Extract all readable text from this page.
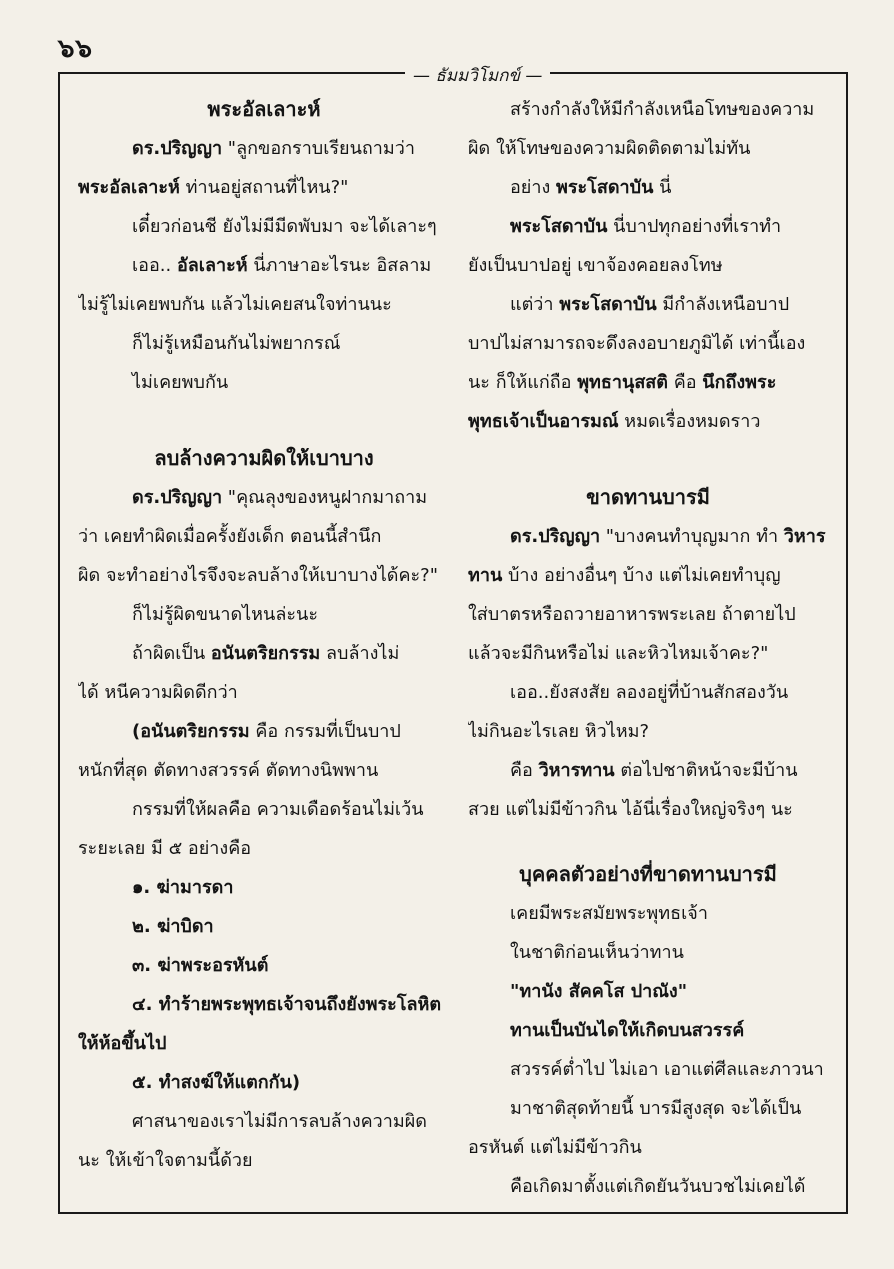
๖๖
— ธัมมวิโมกข์ —
พระอัลเลาะห์
ดร.ปริญญา "ลูกขอกราบเรียนถามว่า
พระอัลเลาะห์ ท่านอยู่สถานที่ไหน?"
เดี๋ยวก่อนชี ยังไม่มีมีดพับมา จะได้เลาะๆ
เออ.. อัลเลาะห์ นี่ภาษาอะไรนะ อิสลาม
ไม่รู้ไม่เคยพบกัน แล้วไม่เคยสนใจท่านนะ
ก็ไม่รู้เหมือนกันไม่พยากรณ์
ไม่เคยพบกัน
ลบล้างความผิดให้เบาบาง
ดร.ปริญญา "คุณลุงของหนูฝากมาถาม
ว่า เคยทำผิดเมื่อครั้งยังเด็ก ตอนนี้สำนึก
ผิด จะทำอย่างไรจึงจะลบล้างให้เบาบางได้คะ?"
ก็ไม่รู้ผิดขนาดไหนล่ะนะ
ถ้าผิดเป็น อนันตริยกรรม ลบล้างไม่
ได้ หนีความผิดดีกว่า
(อนันตริยกรรม คือ กรรมที่เป็นบาป
หนักที่สุด ตัดทางสวรรค์ ตัดทางนิพพาน
กรรมที่ให้ผลคือ ความเดือดร้อนไม่เว้น
ระยะเลย มี ๕ อย่างคือ
๑. ฆ่ามารดา
๒. ฆ่าบิดา
๓. ฆ่าพระอรหันต์
๔. ทำร้ายพระพุทธเจ้าจนถึงยังพระโลหิต
ให้ห้อขึ้นไป
๕. ทำสงฆ์ให้แตกกัน)
ศาสนาของเราไม่มีการลบล้างความผิด
นะ ให้เข้าใจตามนี้ด้วย
สร้างกำลังให้มีกำลังเหนือโทษของความ
ผิด ให้โทษของความผิดติดตามไม่ทัน
อย่าง พระโสดาบัน นี่
พระโสดาบัน นี่บาปทุกอย่างที่เราทำ
ยังเป็นบาปอยู่ เขาจ้องคอยลงโทษ
แต่ว่า พระโสดาบัน มีกำลังเหนือบาป
บาปไม่สามารถจะดึงลงอบายภูมิได้ เท่านี้เอง
นะ ก็ให้แก่ถือ พุทธานุสสติ คือ นึกถึงพระ
พุทธเจ้าเป็นอารมณ์ หมดเรื่องหมดราว
ขาดทานบารมี
ดร.ปริญญา "บางคนทำบุญมาก ทำ วิหาร
ทาน บ้าง อย่างอื่นๆ บ้าง แต่ไม่เคยทำบุญ
ใส่บาตรหรือถวายอาหารพระเลย ถ้าตายไป
แล้วจะมีกินหรือไม่ และหิวไหมเจ้าคะ?"
เออ..ยังสงสัย ลองอยู่ที่บ้านสักสองวัน
ไม่กินอะไรเลย หิวไหม?
คือ วิหารทาน ต่อไปชาติหน้าจะมีบ้าน
สวย แต่ไม่มีข้าวกิน ไอ้นี่เรื่องใหญ่จริงๆ นะ
บุคคลตัวอย่างที่ขาดทานบารมี
เคยมีพระสมัยพระพุทธเจ้า
ในชาติก่อนเห็นว่าทาน
"ทานัง สัคคโส ปาณัง"
ทานเป็นบันไดให้เกิดบนสวรรค์
สวรรค์ต่ำไป ไม่เอา เอาแต่ศีลและภาวนา
มาชาติสุดท้ายนี้ บารมีสูงสุด จะได้เป็น
อรหันต์ แต่ไม่มีข้าวกิน
คือเกิดมาตั้งแต่เกิดยันวันบวชไม่เคยได้
